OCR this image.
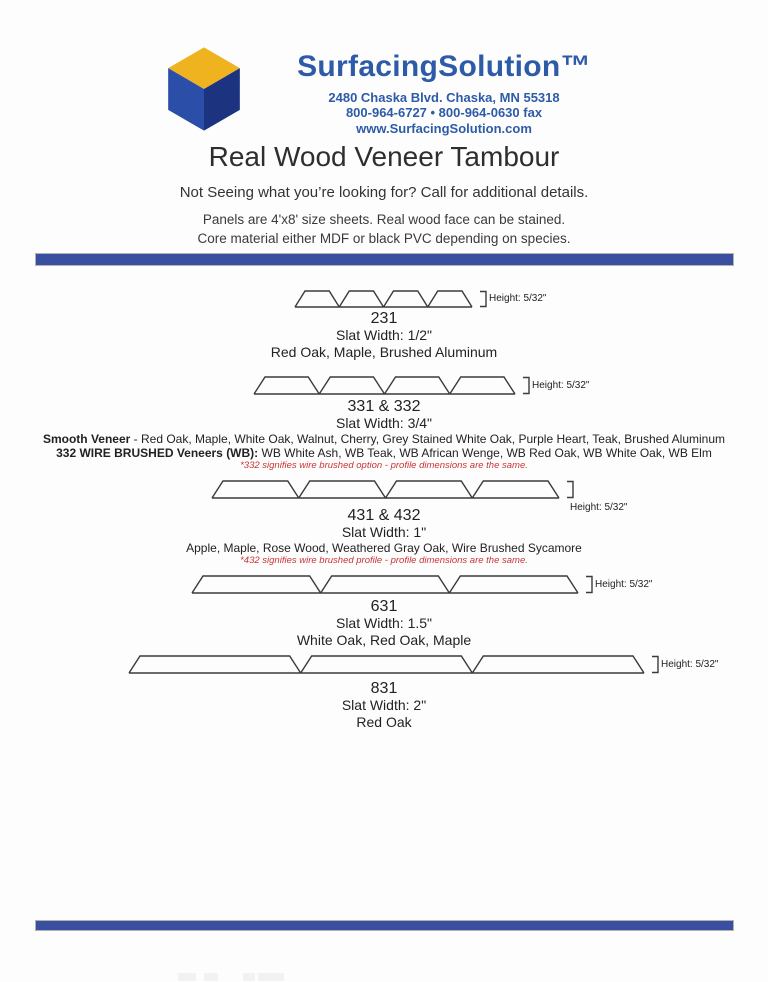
SurfacingSolution™
2480 Chaska Blvd. Chaska, MN 55318
800-964-6727 • 800-964-0630 fax
www.SurfacingSolution.com
Real Wood Veneer Tambour
Not Seeing what you’re looking for? Call for additional details.
Panels are 4'x8' size sheets. Real wood face can be stained.
Core material either MDF or black PVC depending on species.
Height: 5/32"
231
Slat Width: 1/2"
Red Oak, Maple, Brushed Aluminum
Height: 5/32"
331 & 332
Slat Width: 3/4"
Smooth Veneer - Red Oak, Maple, White Oak, Walnut, Cherry, Grey Stained White Oak, Purple Heart, Teak, Brushed Aluminum
332 WIRE BRUSHED Veneers (WB): WB White Ash, WB Teak, WB African Wenge, WB Red Oak, WB White Oak, WB Elm
*332 signifies wire brushed option - profile dimensions are the same.
Height: 5/32"
431 & 432
Slat Width: 1"
Apple, Maple, Rose Wood, Weathered Gray Oak, Wire Brushed Sycamore
*432 signifies wire brushed profile - profile dimensions are the same.
Height: 5/32"
631
Slat Width: 1.5"
White Oak, Red Oak, Maple
Height: 5/32"
831
Slat Width: 2"
Red Oak
